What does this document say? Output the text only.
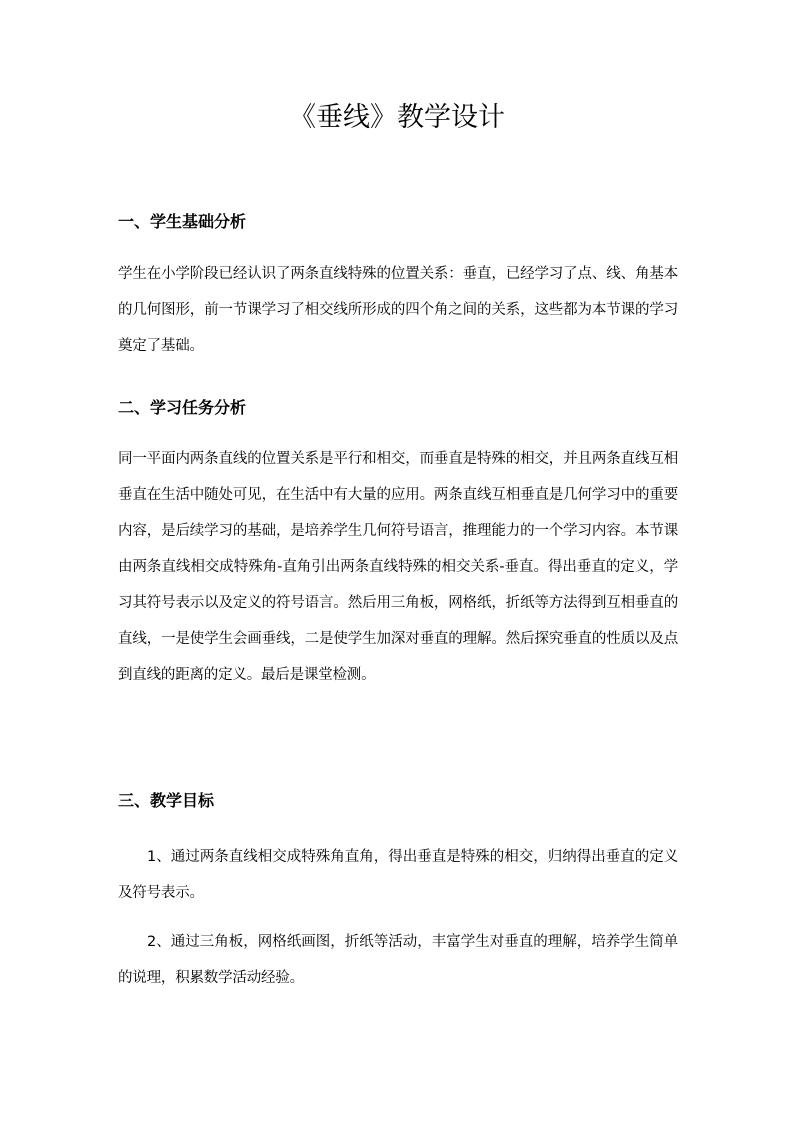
《垂线》教学设计
一、学生基础分析

学生在小学阶段已经认识了两条直线特殊的位置关系：垂直，已经学习了点、线、角基本的几何图形，前一节课学习了相交线所形成的四个角之间的关系，这些都为本节课的学习奠定了基础。

二、学习任务分析

同一平面内两条直线的位置关系是平行和相交，而垂直是特殊的相交，并且两条直线互相垂直在生活中随处可见，在生活中有大量的应用。两条直线互相垂直是几何学习中的重要内容，是后续学习的基础，是培养学生几何符号语言，推理能力的一个学习内容。本节课由两条直线相交成特殊角-直角引出两条直线特殊的相交关系-垂直。得出垂直的定义，学习其符号表示以及定义的符号语言。然后用三角板，网格纸，折纸等方法得到互相垂直的直线，一是使学生会画垂线，二是使学生加深对垂直的理解。然后探究垂直的性质以及点到直线的距离的定义。最后是课堂检测。

三、教学目标

1、通过两条直线相交成特殊角直角，得出垂直是特殊的相交，归纳得出垂直的定义及符号表示。

2、通过三角板，网格纸画图，折纸等活动，丰富学生对垂直的理解，培养学生简单的说理，积累数学活动经验。
